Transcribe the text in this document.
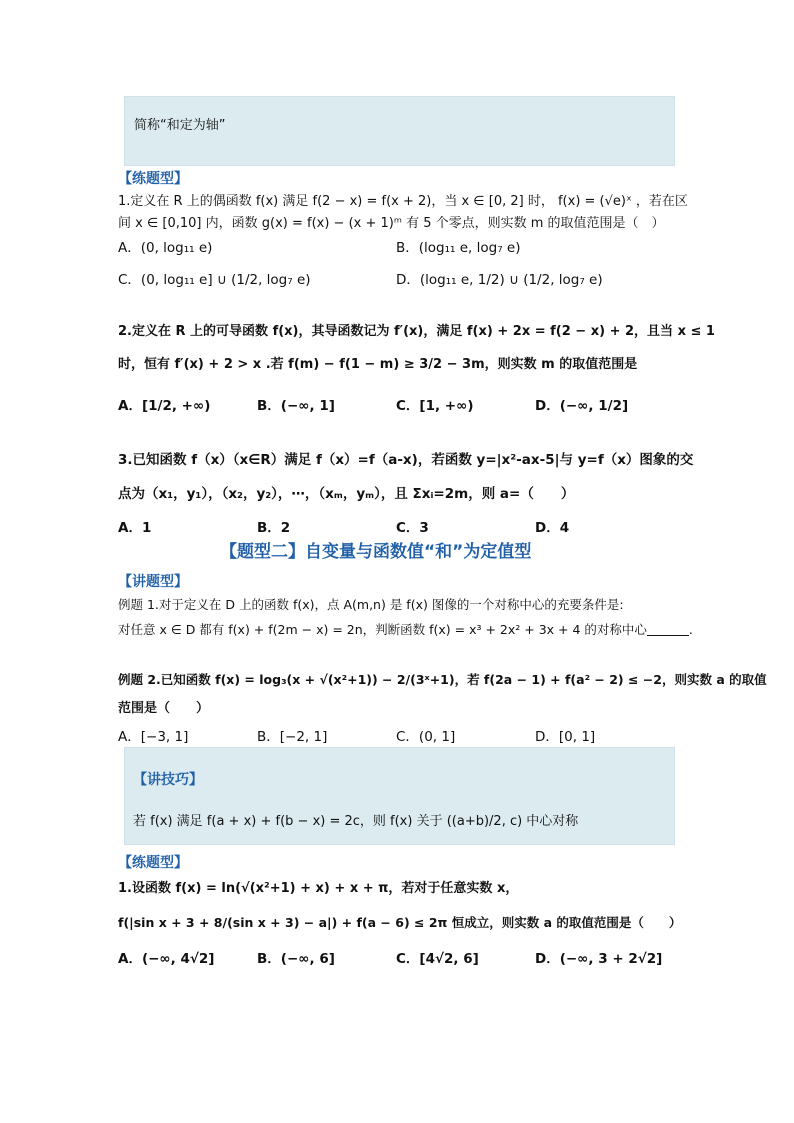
简称“和定为轴”
【练题型】
1.定义在 R 上的偶函数 f(x) 满足 f(2 − x) = f(x + 2)，当 x ∈ [0, 2] 时， f(x) = (√e)ˣ ，若在区
间 x ∈ [0,10] 内，函数 g(x) = f(x) − (x + 1)ᵐ 有 5 个零点，则实数 m 的取值范围是（　）
A．(0, log₁₁ e)	B．(log₁₁ e, log₇ e)
C．(0, log₁₁ e] ∪ (1/2, log₇ e)	D．(log₁₁ e, 1/2) ∪ (1/2, log₇ e)
2.定义在 R 上的可导函数 f(x)，其导函数记为 f′(x)，满足 f(x) + 2x = f(2 − x) + 2，且当 x ≤ 1
时，恒有 f′(x) + 2 > x .若 f(m) − f(1 − m) ≥ 3/2 − 3m，则实数 m 的取值范围是
A．[1/2, +∞)	B．(−∞, 1]	C．[1, +∞)	D．(−∞, 1/2]
3.已知函数 f（x）（x∈R）满足 f（x）=f（a-x)，若函数 y=|x²-ax-5|与 y=f（x）图象的交
点为（x₁，y₁），（x₂，y₂），⋯，（xₘ，yₘ），且 Σxᵢ=2m，则 a=（　　）
A．1	B．2	C．3	D．4
【题型二】自变量与函数值“和”为定值型
【讲题型】
例题 1.对于定义在 D 上的函数 f(x)，点 A(m,n) 是 f(x) 图像的一个对称中心的充要条件是:
对任意 x ∈ D 都有 f(x) + f(2m − x) = 2n，判断函数 f(x) = x³ + 2x² + 3x + 4 的对称中心	.
例题 2.已知函数 f(x) = log₃(x + √(x²+1)) − 2/(3ˣ+1)，若 f(2a − 1) + f(a² − 2) ≤ −2，则实数 a 的取值
范围是（　　）
A．[−3, 1]	B．[−2, 1]	C．(0, 1]	D．[0, 1]
【讲技巧】
若 f(x) 满足 f(a + x) + f(b − x) = 2c，则 f(x) 关于 ((a+b)/2, c) 中心对称
【练题型】
1.设函数 f(x) = ln(√(x²+1) + x) + x + π，若对于任意实数 x，
f(|sin x + 3 + 8/(sin x + 3) − a|) + f(a − 6) ≤ 2π 恒成立，则实数 a 的取值范围是（　　）
A．(−∞, 4√2]	B．(−∞, 6]	C．[4√2, 6]	D．(−∞, 3 + 2√2]
